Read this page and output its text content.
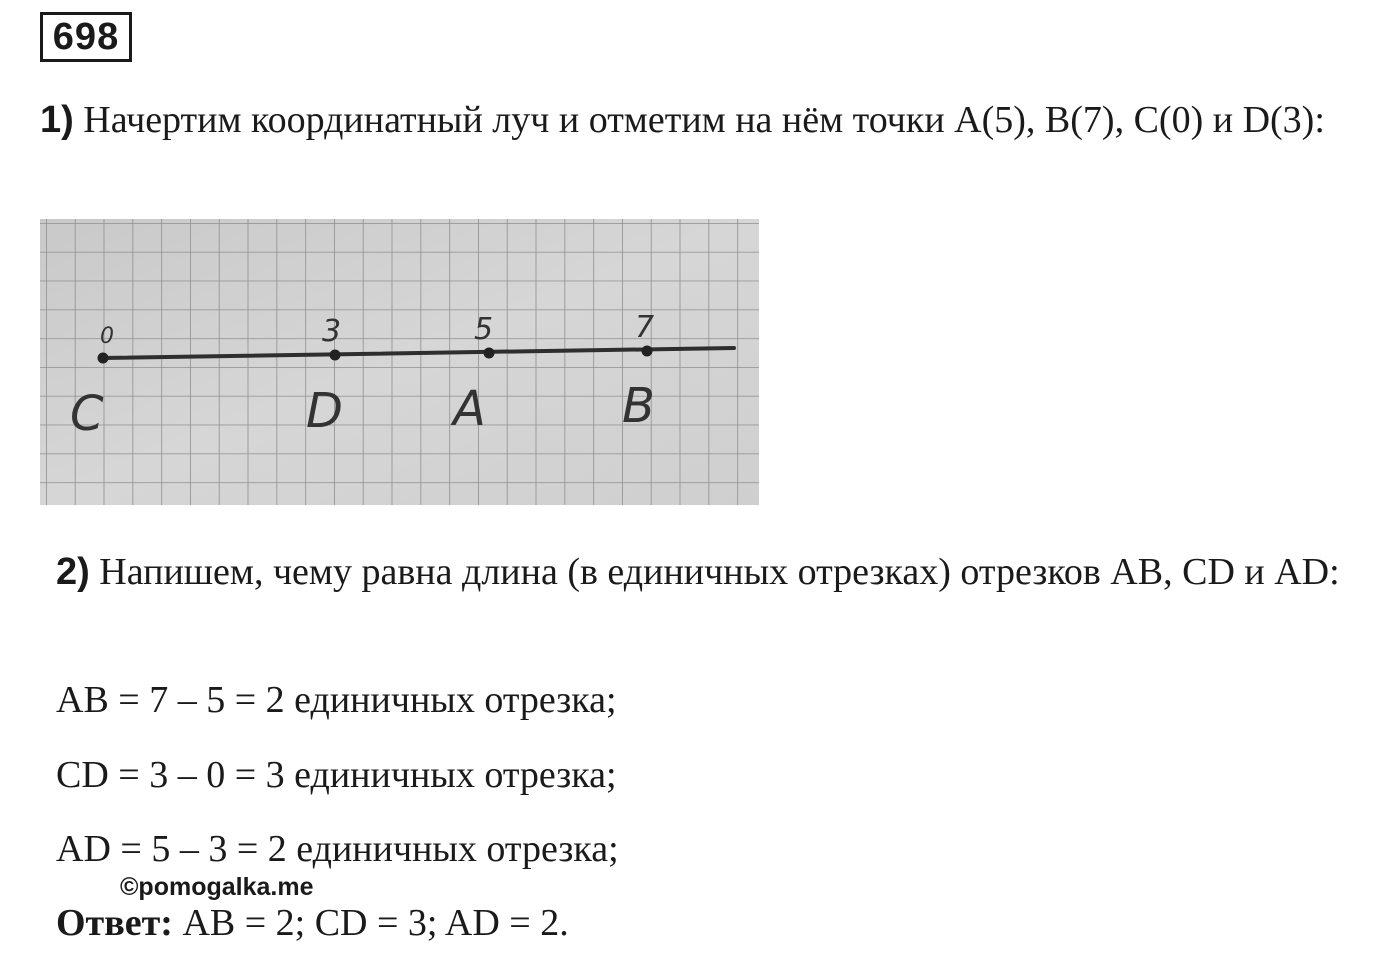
698

1) Начертим координатный луч и отметим на нём точки A(5), B(7), C(0) и D(3):

0
C
3
D
5
A
7
B

2) Напишем, чему равна длина (в единичных отрезках) отрезков AB, CD и AD:

AB = 7 – 5 = 2 единичных отрезка;
CD = 3 – 0 = 3 единичных отрезка;
AD = 5 – 3 = 2 единичных отрезка;
©pomogalka.me
Ответ: AB = 2; CD = 3; AD = 2.
